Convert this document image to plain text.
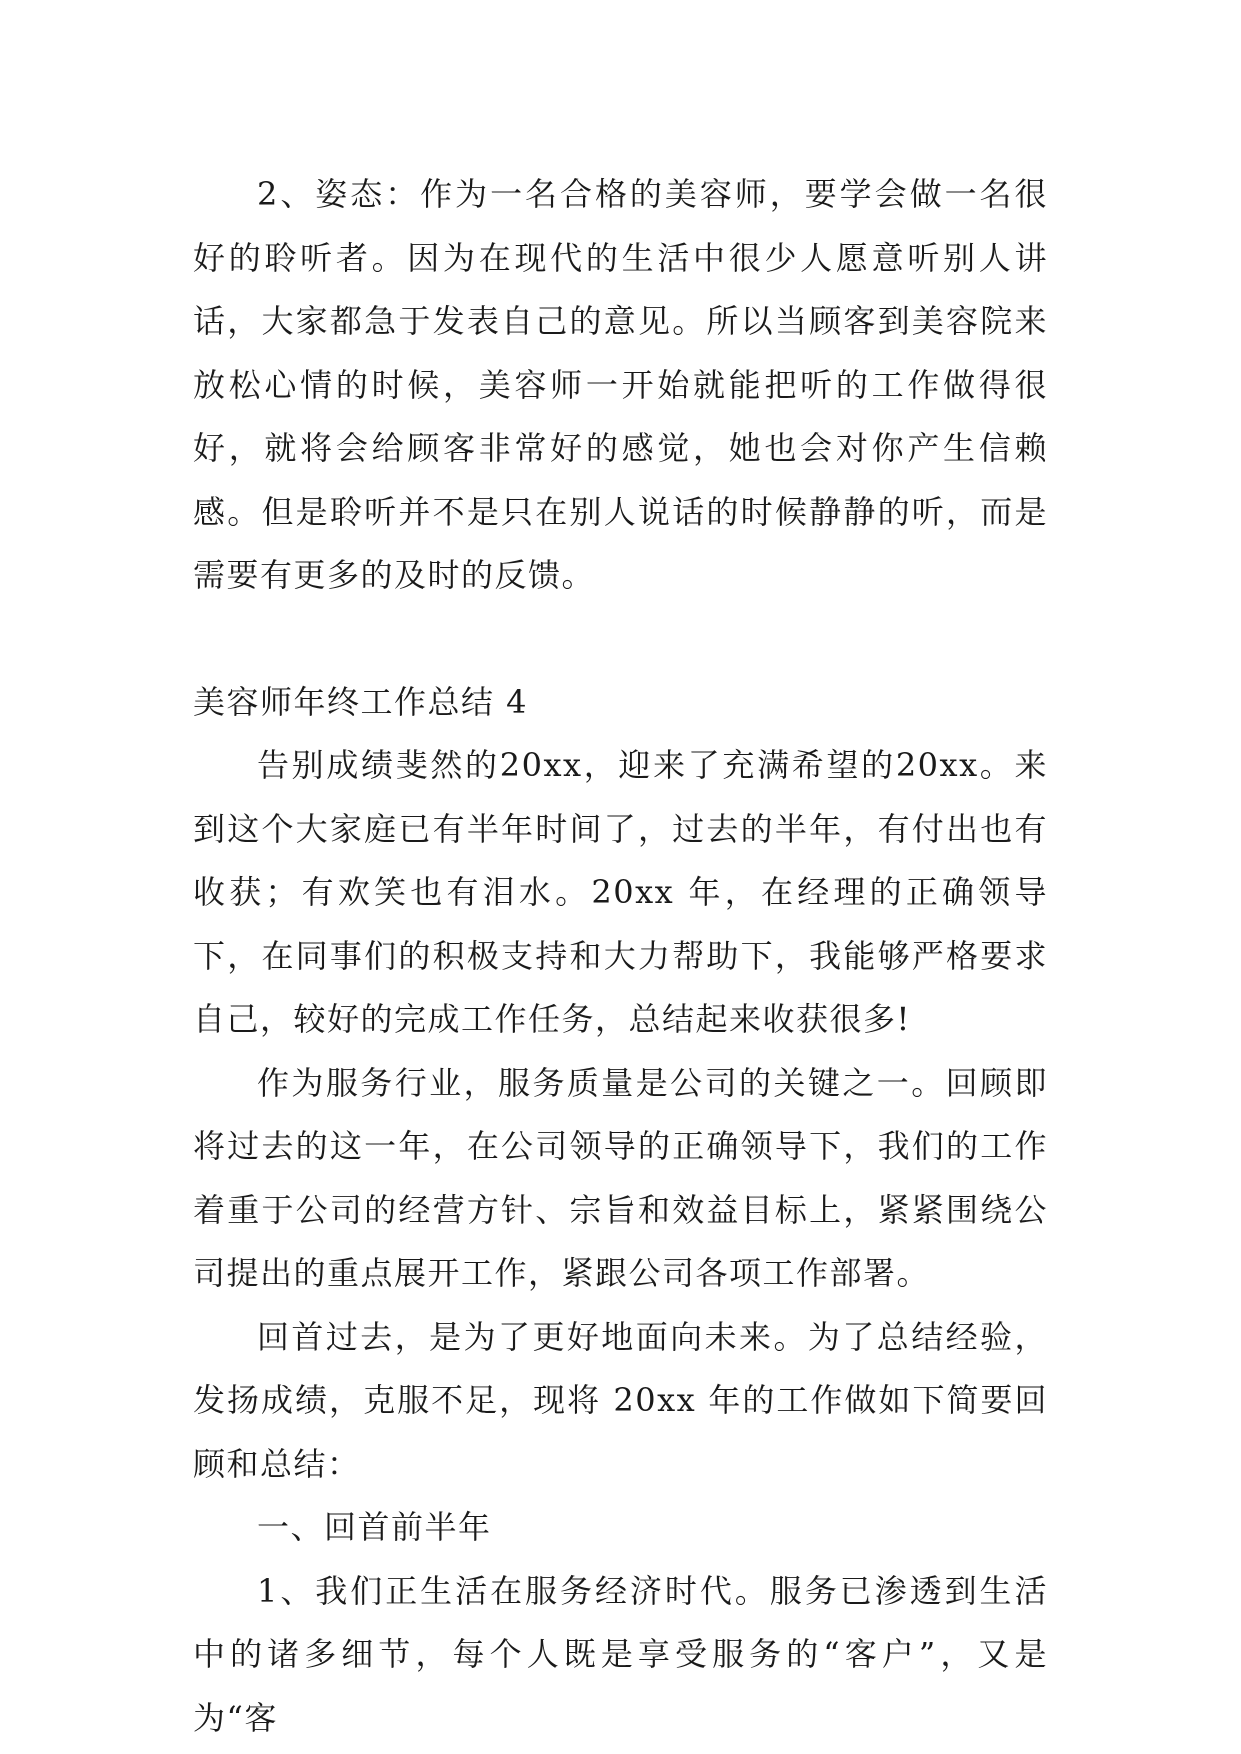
2、姿态：作为一名合格的美容师，要学会做一名很好的聆听者。因为在现代的生活中很少人愿意听别人讲话，大家都急于发表自己的意见。所以当顾客到美容院来放松心情的时候，美容师一开始就能把听的工作做得很好，就将会给顾客非常好的感觉，她也会对你产生信赖感。但是聆听并不是只在别人说话的时候静静的听，而是需要有更多的及时的反馈。

美容师年终工作总结 4

告别成绩斐然的20xx，迎来了充满希望的20xx。来到这个大家庭已有半年时间了，过去的半年，有付出也有收获；有欢笑也有泪水。20xx 年，在经理的正确领导下，在同事们的积极支持和大力帮助下，我能够严格要求自己，较好的完成工作任务，总结起来收获很多!

作为服务行业，服务质量是公司的关键之一。回顾即将过去的这一年，在公司领导的正确领导下，我们的工作着重于公司的经营方针、宗旨和效益目标上，紧紧围绕公司提出的重点展开工作，紧跟公司各项工作部署。

回首过去，是为了更好地面向未来。为了总结经验，发扬成绩，克服不足，现将 20xx 年的工作做如下简要回顾和总结：

一、回首前半年

1、我们正生活在服务经济时代。服务已渗透到生活中的诸多细节，每个人既是享受服务的“客户”，又是为“客
